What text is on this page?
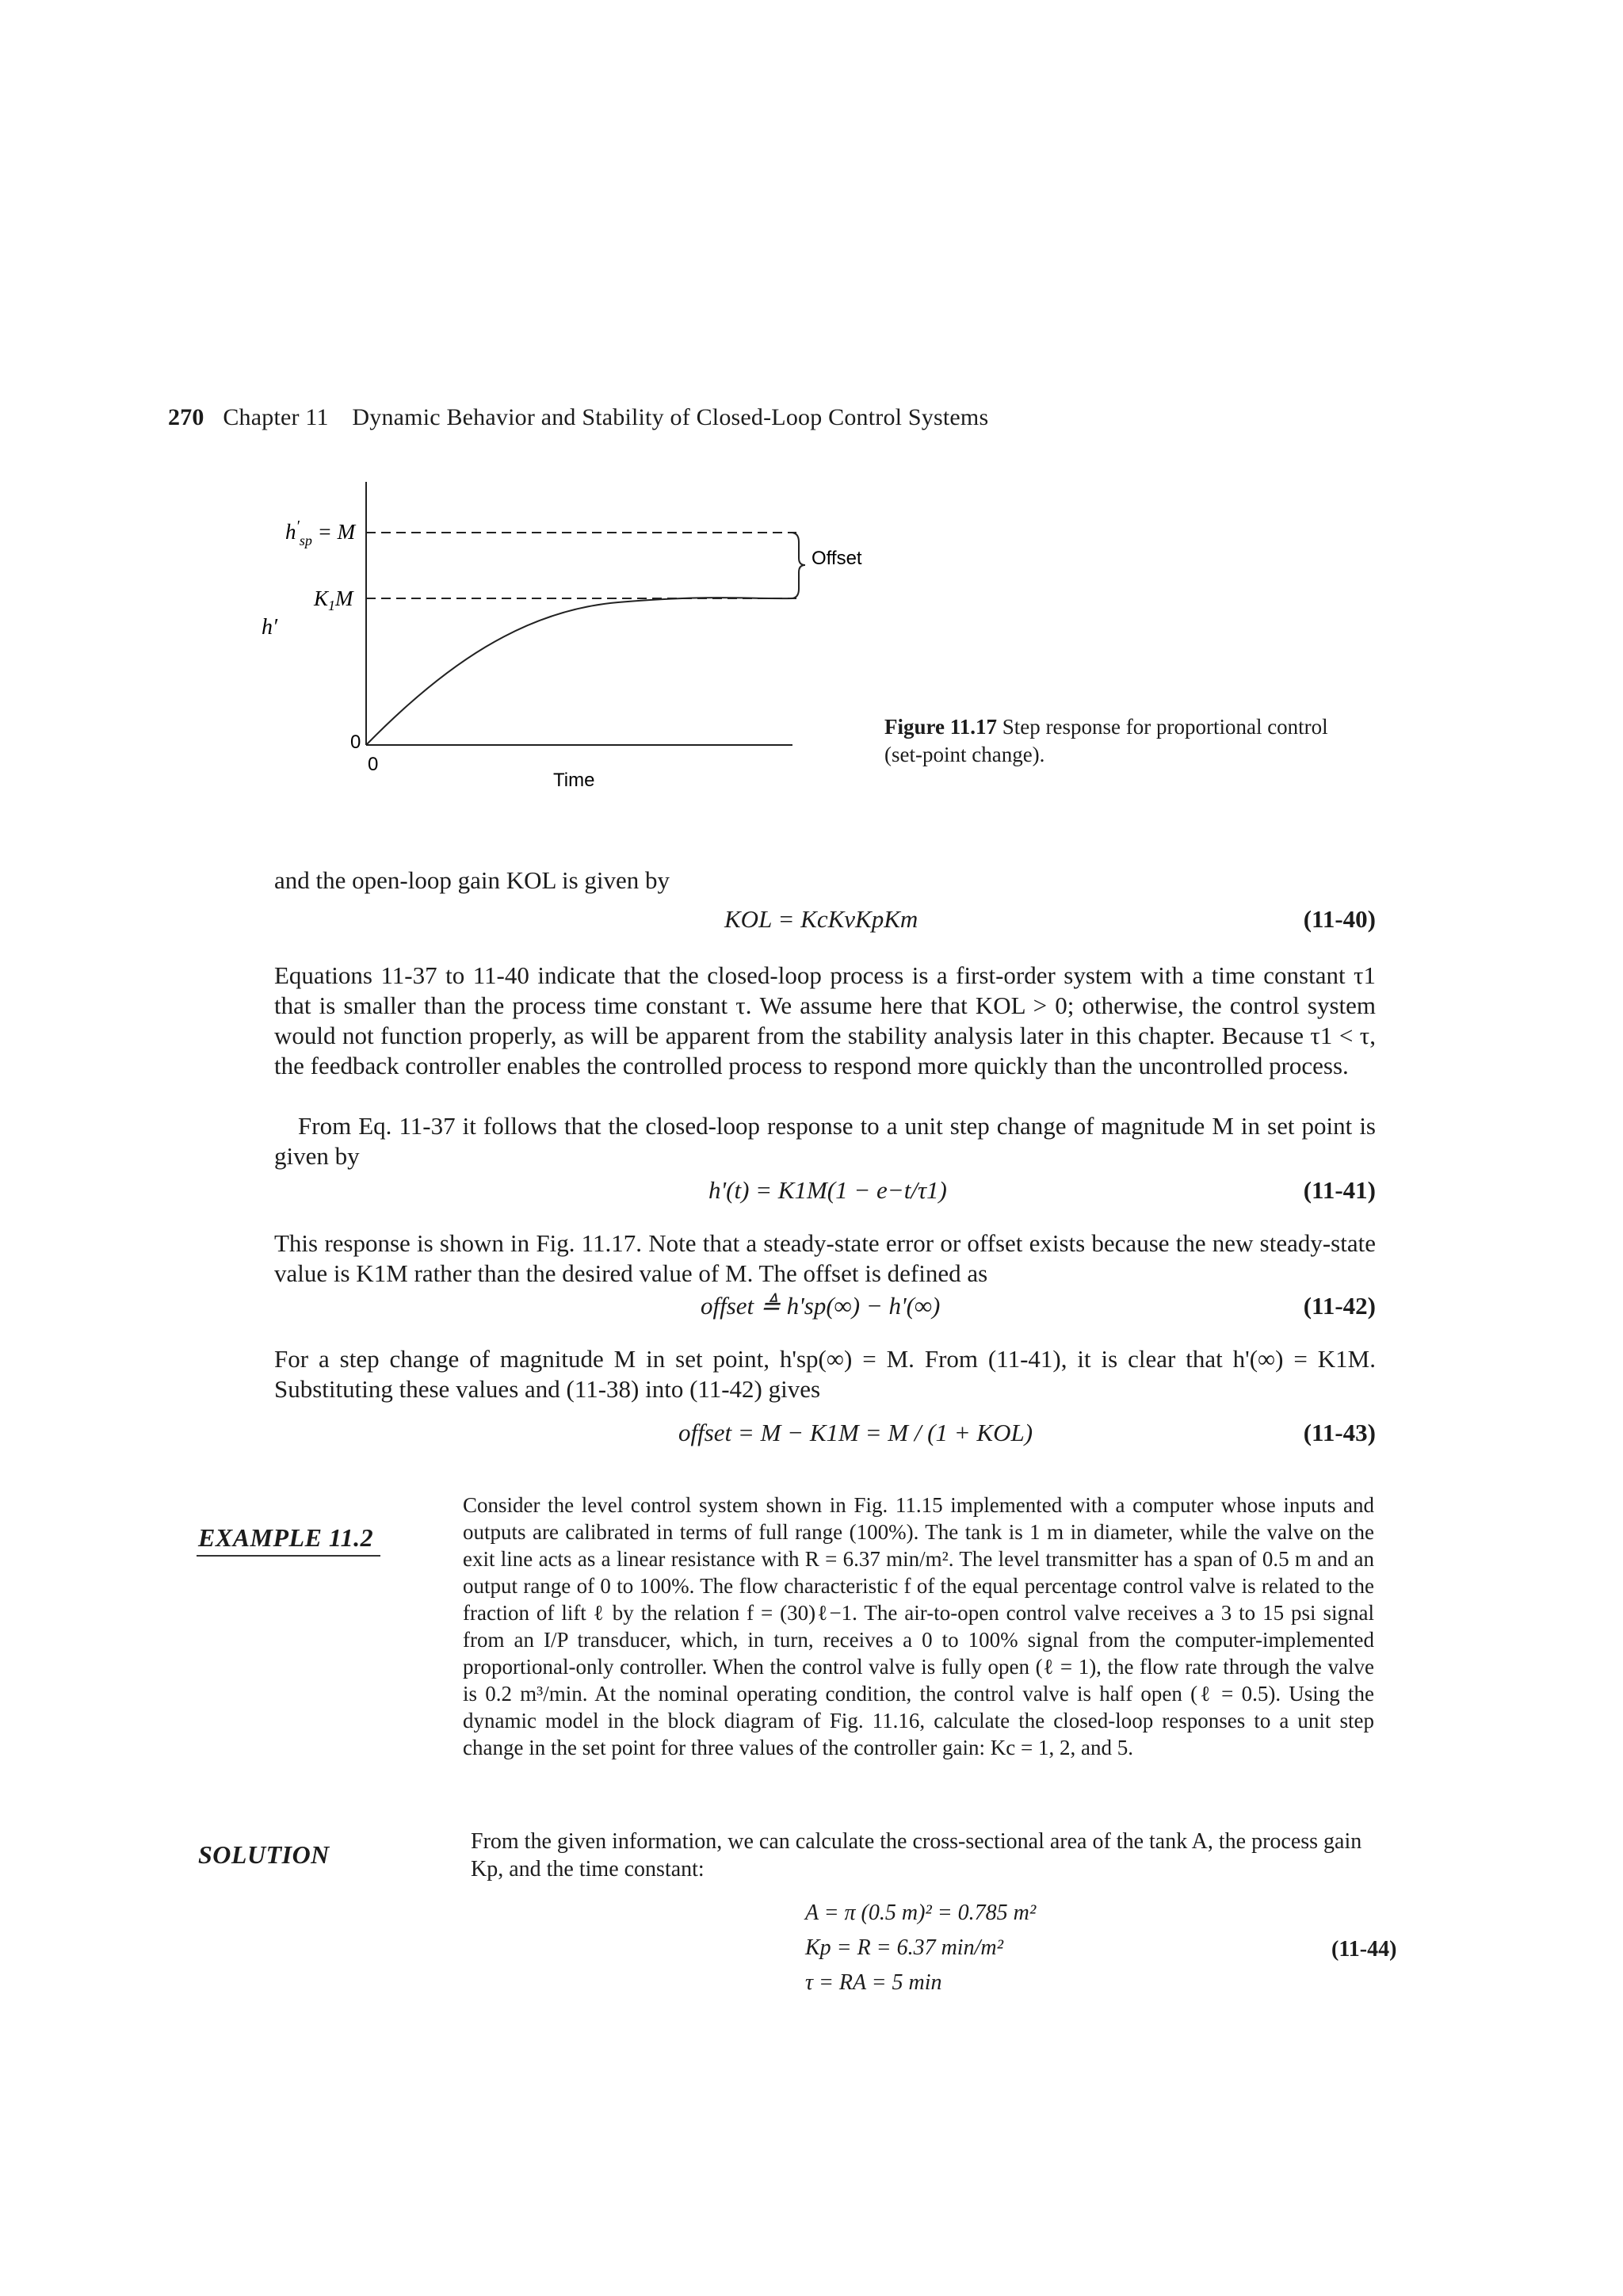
270 Chapter 11 Dynamic Behavior and Stability of Closed-Loop Control Systems
$h'_{sp} = M$
$K_1M$
h′
Offset
0
0
Time
Figure 11.17 Step response for proportional control (set-point change).
and the open-loop gain KOL is given by
KOL = KcKvKpKm	(11-40)
Equations 11-37 to 11-40 indicate that the closed-loop process is a first-order system with a time constant τ1 that is smaller than the process time constant τ. We assume here that KOL > 0; otherwise, the control system would not function properly, as will be apparent from the stability analysis later in this chapter. Because τ1 < τ, the feedback controller enables the controlled process to respond more quickly than the uncontrolled process.
From Eq. 11-37 it follows that the closed-loop response to a unit step change of magnitude M in set point is given by
h'(t) = K1M(1 − e−t/τ1)	(11-41)
This response is shown in Fig. 11.17. Note that a steady-state error or offset exists because the new steady-state value is K1M rather than the desired value of M. The offset is defined as
offset ≜ h'sp(∞) − h'(∞)	(11-42)
For a step change of magnitude M in set point, h'sp(∞) = M. From (11-41), it is clear that h'(∞) = K1M. Substituting these values and (11-38) into (11-42) gives
offset = M − K1M = M / (1 + KOL)	(11-43)
EXAMPLE 11.2
Consider the level control system shown in Fig. 11.15 implemented with a computer whose inputs and outputs are calibrated in terms of full range (100%). The tank is 1 m in diameter, while the valve on the exit line acts as a linear resistance with R = 6.37 min/m². The level transmitter has a span of 0.5 m and an output range of 0 to 100%. The flow characteristic f of the equal percentage control valve is related to the fraction of lift ℓ by the relation f = (30)ℓ−1. The air-to-open control valve receives a 3 to 15 psi signal from an I/P transducer, which, in turn, receives a 0 to 100% signal from the computer-implemented proportional-only controller. When the control valve is fully open (ℓ = 1), the flow rate through the valve is 0.2 m³/min. At the nominal operating condition, the control valve is half open (ℓ = 0.5). Using the dynamic model in the block diagram of Fig. 11.16, calculate the closed-loop responses to a unit step change in the set point for three values of the controller gain: Kc = 1, 2, and 5.
SOLUTION	From the given information, we can calculate the cross-sectional area of the tank A, the process gain Kp, and the time constant:
A = π (0.5 m)² = 0.785 m²
Kp = R = 6.37 min/m²
τ = RA = 5 min
(11-44)
